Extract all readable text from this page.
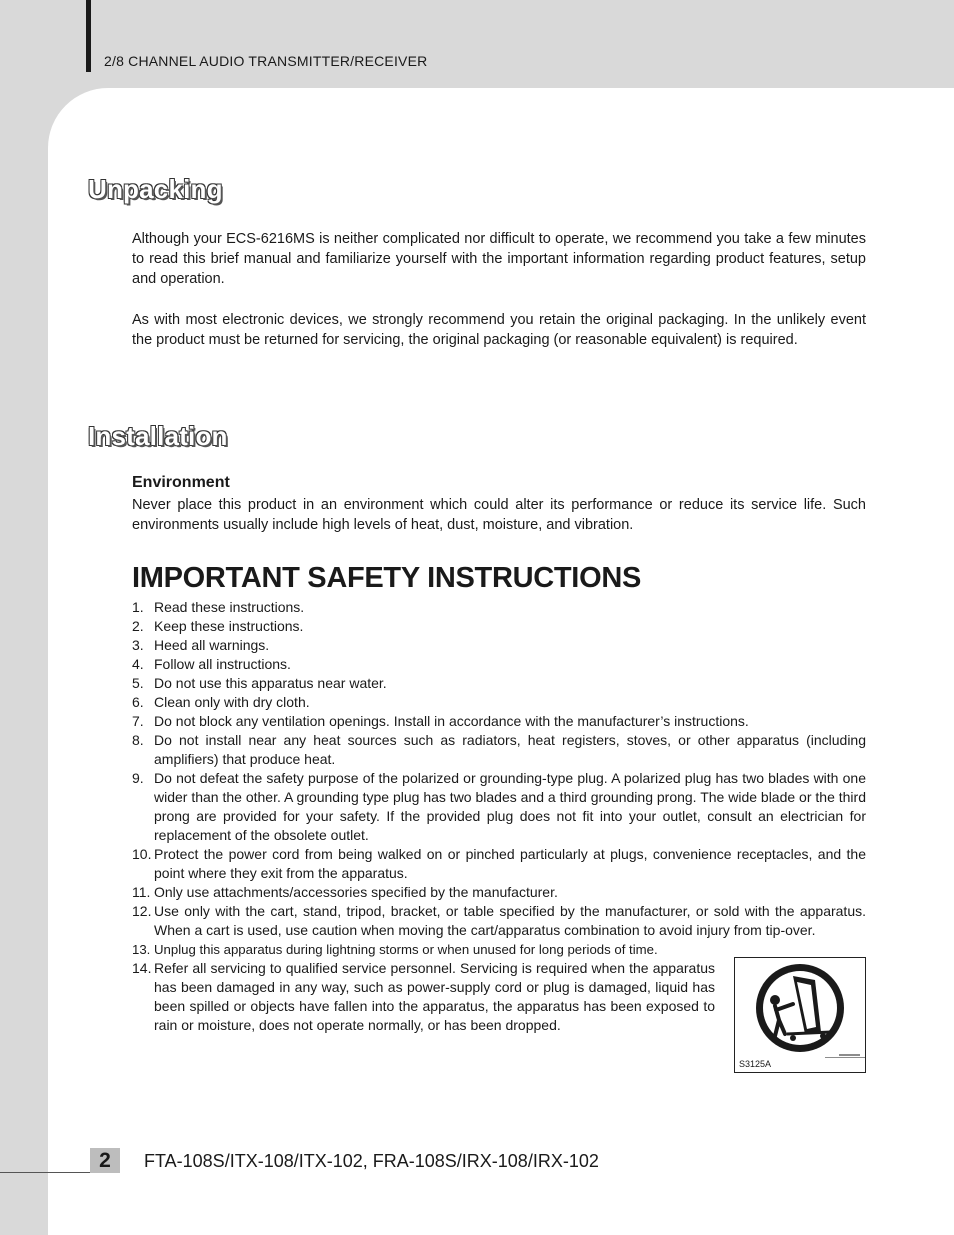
2/8 CHANNEL AUDIO TRANSMITTER/RECEIVER
Unpacking

Although your ECS-6216MS is neither complicated nor difficult to operate, we recommend you take a few minutes to read this brief manual and familiarize yourself with the important information regarding product features, setup and operation.

As with most electronic devices, we strongly recommend you retain the original packaging. In the unlikely event the product must be returned for servicing, the original packaging (or reasonable equivalent) is required.

Installation
Environment

Never place this product in an environment which could alter its performance or reduce its service life. Such environments usually include high levels of heat, dust, moisture, and vibration.

IMPORTANT SAFETY INSTRUCTIONS
1. Read these instructions.
2. Keep these instructions.
3. Heed all warnings.
4. Follow all instructions.
5. Do not use this apparatus near water.
6. Clean only with dry cloth.
7. Do not block any ventilation openings. Install in accordance with the manufacturer’s instructions.
8. Do not install near any heat sources such as radiators, heat registers, stoves, or other apparatus (including amplifiers) that produce heat.
9. Do not defeat the safety purpose of the polarized or grounding-type plug. A polarized plug has two blades with one wider than the other. A grounding type plug has two blades and a third grounding prong. The wide blade or the third prong are provided for your safety. If the provided plug does not fit into your outlet, consult an electrician for replacement of the obsolete outlet.
10. Protect the power cord from being walked on or pinched particularly at plugs, convenience receptacles, and the point where they exit from the apparatus.
11. Only use attachments/accessories specified by the manufacturer.
12. Use only with the cart, stand, tripod, bracket, or table specified by the manufacturer, or sold with the apparatus. When a cart is used, use caution when moving the cart/apparatus combination to avoid injury from tip-over.
13. Unplug this apparatus during lightning storms or when unused for long periods of time.
14. Refer all servicing to qualified service personnel. Servicing is required when the apparatus has been damaged in any way, such as power-supply cord or plug is damaged, liquid has been spilled or objects have fallen into the apparatus, the apparatus has been exposed to rain or moisture, does not operate normally, or has been dropped.
S3125A
2	FTA-108S/ITX-108/ITX-102, FRA-108S/IRX-108/IRX-102
